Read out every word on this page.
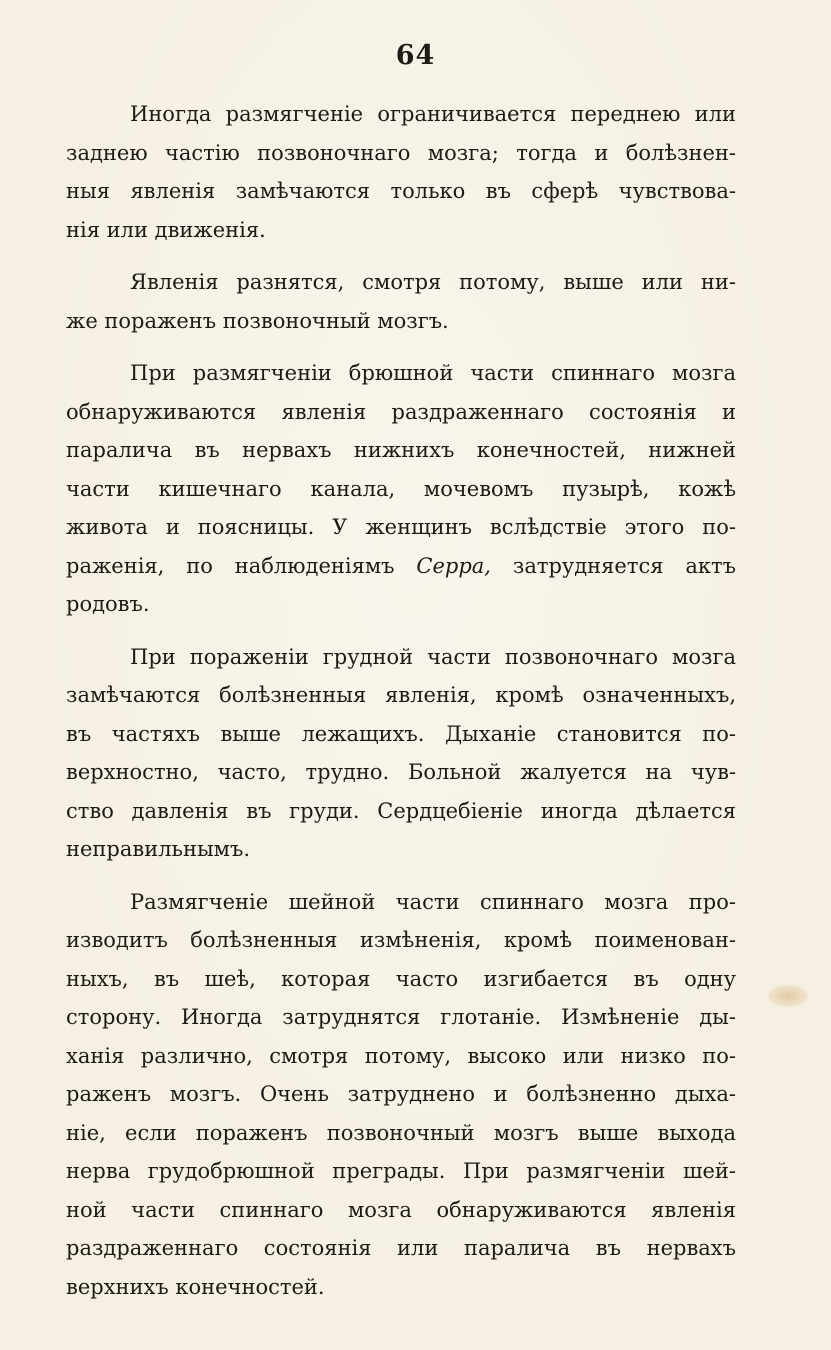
64
Иногда размягченіе ограничивается переднею или
заднею частію позвоночнаго мозга; тогда и болѣзнен-
ныя явленія замѣчаются только въ сферѣ чувствова-
нія или движенія.
Явленія разнятся, смотря потому, выше или ни-
же пораженъ позвоночный мозгъ.
При размягченіи брюшной части спиннаго мозга
обнаруживаются явленія раздраженнаго состоянія и
паралича въ нервахъ нижнихъ конечностей, нижней
части кишечнаго канала, мочевомъ пузырѣ, кожѣ
живота и поясницы. У женщинъ вслѣдствіе этого по-
раженія, по наблюденіямъ Серра, затрудняется актъ
родовъ.
При пораженіи грудной части позвоночнаго мозга
замѣчаются болѣзненныя явленія, кромѣ означенныхъ,
въ частяхъ выше лежащихъ. Дыханіе становится по-
верхностно, часто, трудно. Больной жалуется на чув-
ство давленія въ груди. Сердцебіеніе иногда дѣлается
неправильнымъ.
Размягченіе шейной части спиннаго мозга про-
изводитъ болѣзненныя измѣненія, кромѣ поименован-
ныхъ, въ шеѣ, которая часто изгибается въ одну
сторону. Иногда затруднятся глотаніе. Измѣненіе ды-
ханія различно, смотря потому, высоко или низко по-
раженъ мозгъ. Очень затруднено и болѣзненно дыха-
ніе, если пораженъ позвоночный мозгъ выше выхода
нерва грудобрюшной преграды. При размягченіи шей-
ной части спиннаго мозга обнаруживаются явленія
раздраженнаго состоянія или паралича въ нервахъ
верхнихъ конечностей.
